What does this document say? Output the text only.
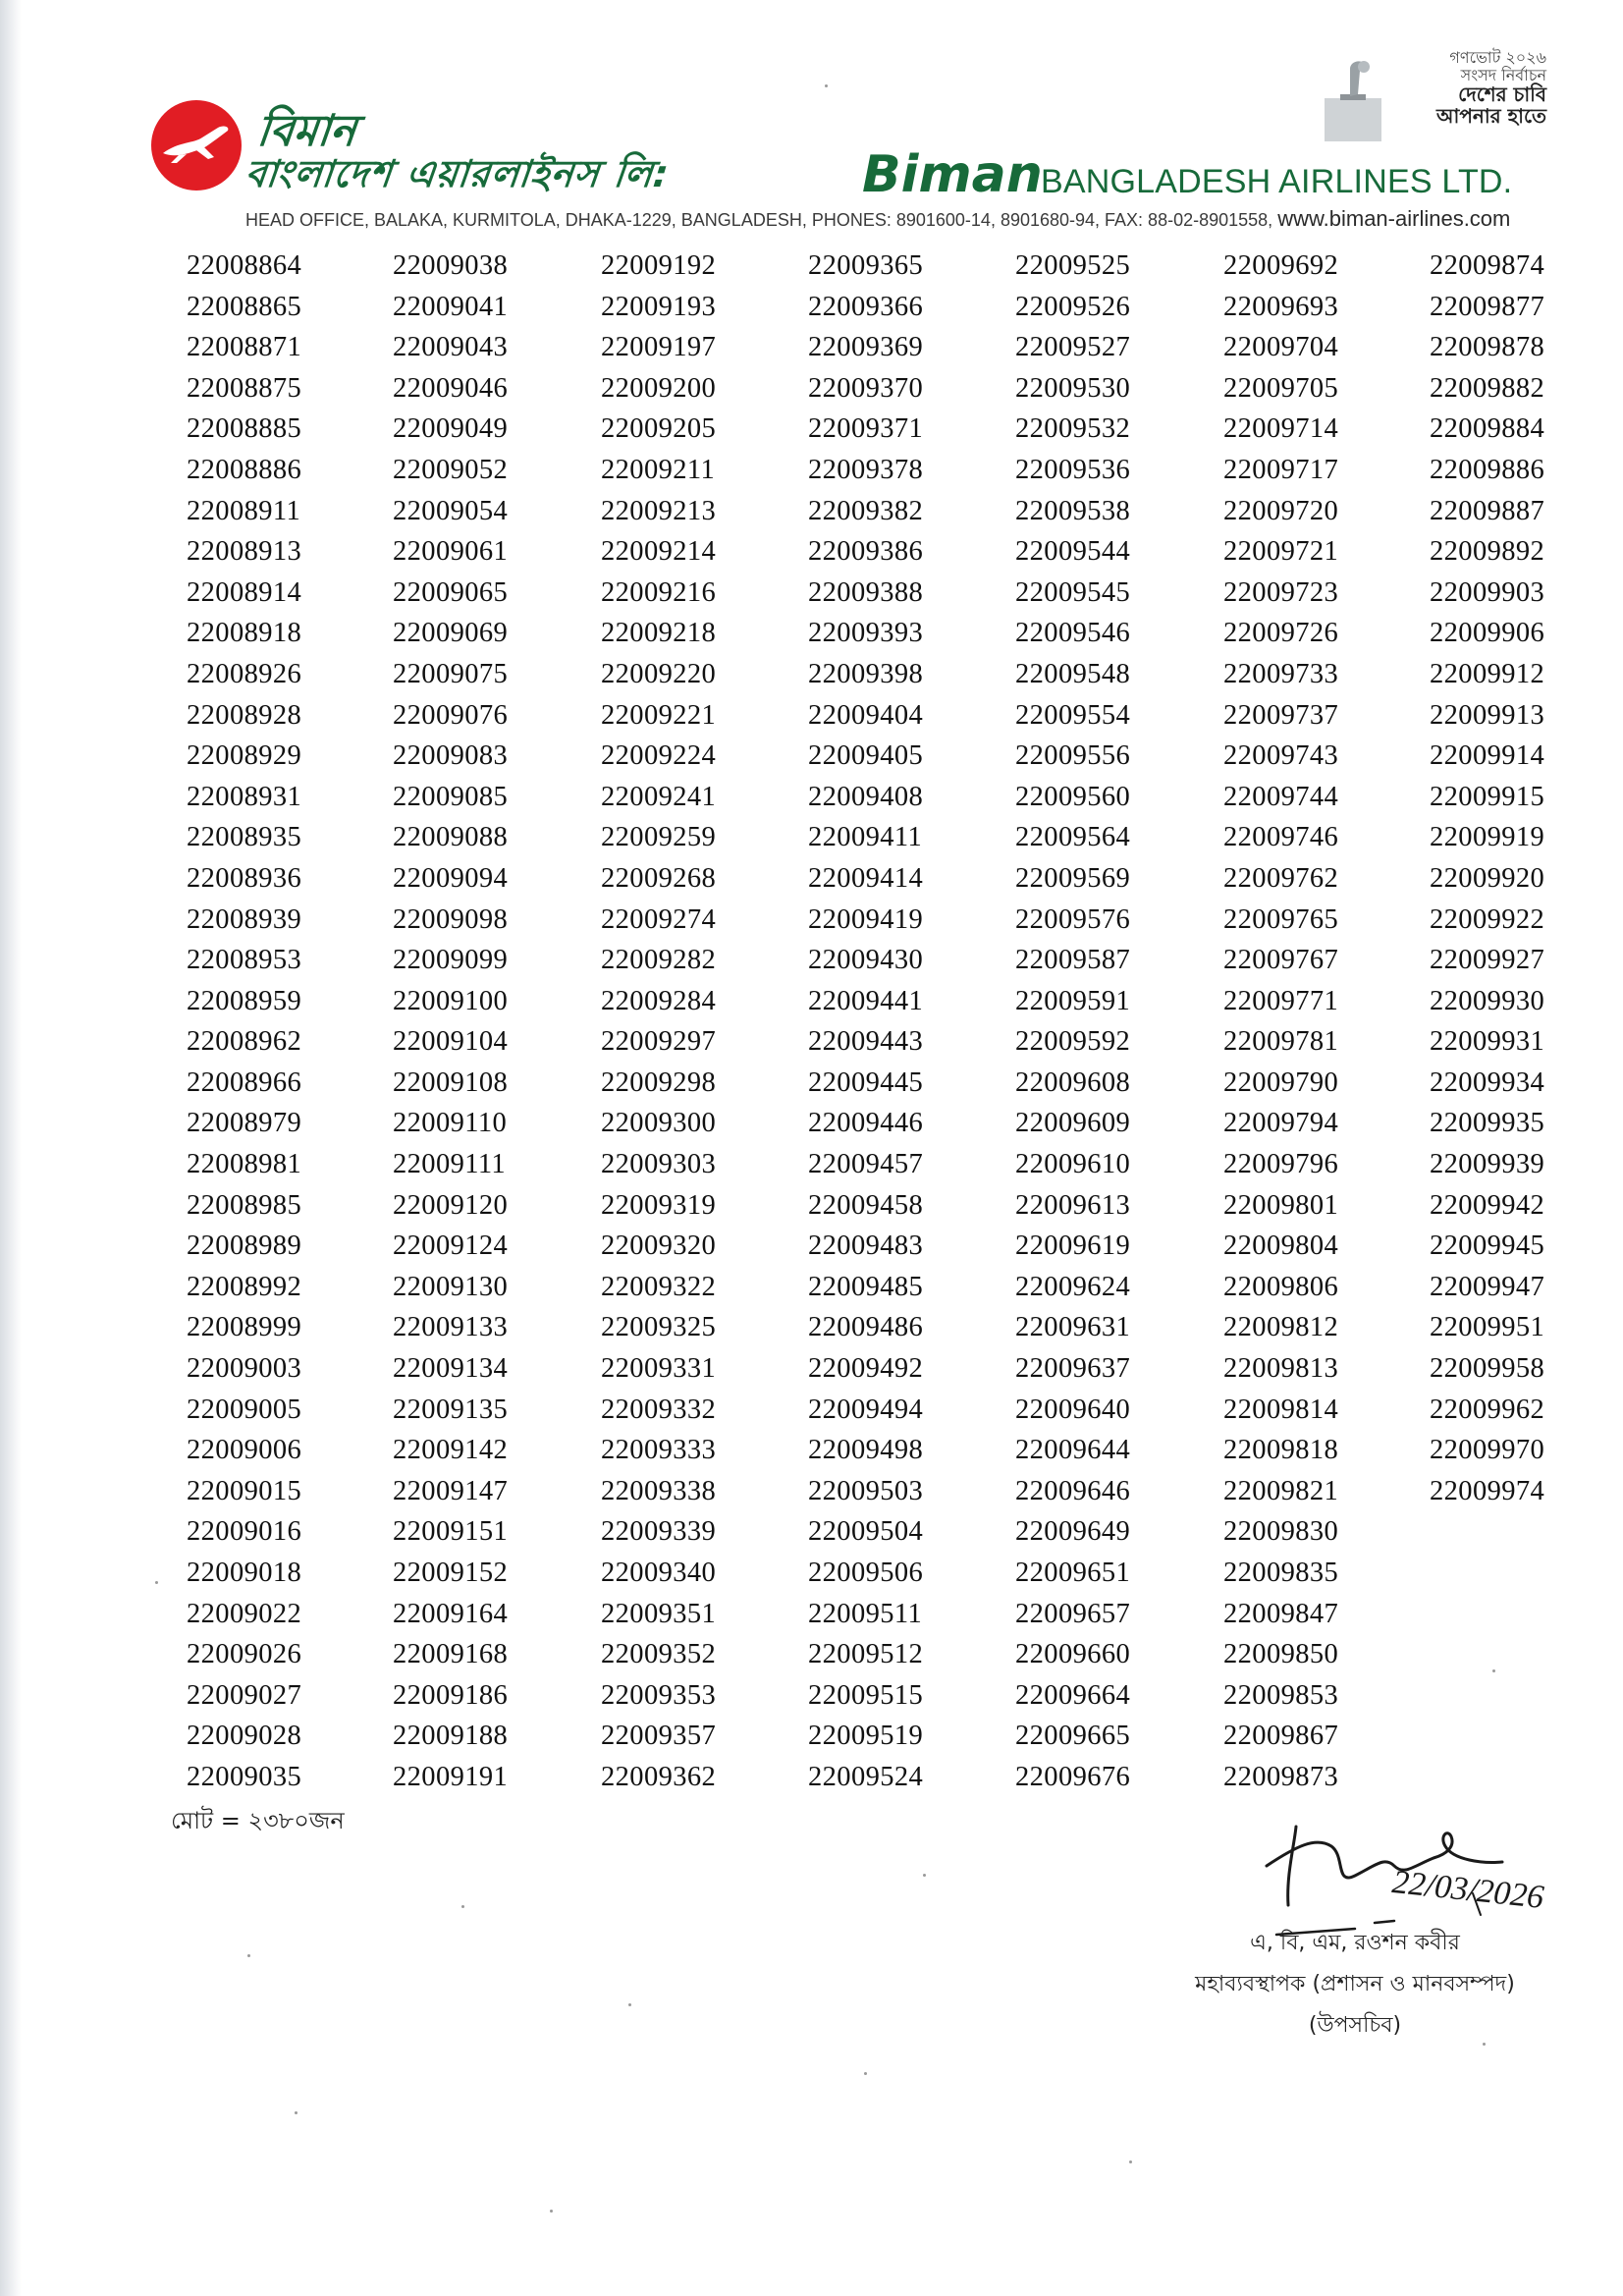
বিমান
বাংলাদেশ এয়ারলাইনস লি:	Biman
BANGLADESH AIRLINES LTD.
HEAD OFFICE, BALAKA, KURMITOLA, DHAKA-1229, BANGLADESH, PHONES: 8901600-14, 8901680-94, FAX: 88-02-8901558, www.biman-airlines.com
গণভোট ২০২৬
সংসদ নির্বাচন
দেশের চাবি
আপনার হাতে
22008864
22008865
22008871
22008875
22008885
22008886
22008911
22008913
22008914
22008918
22008926
22008928
22008929
22008931
22008935
22008936
22008939
22008953
22008959
22008962
22008966
22008979
22008981
22008985
22008989
22008992
22008999
22009003
22009005
22009006
22009015
22009016
22009018
22009022
22009026
22009027
22009028
22009035
22009038
22009041
22009043
22009046
22009049
22009052
22009054
22009061
22009065
22009069
22009075
22009076
22009083
22009085
22009088
22009094
22009098
22009099
22009100
22009104
22009108
22009110
22009111
22009120
22009124
22009130
22009133
22009134
22009135
22009142
22009147
22009151
22009152
22009164
22009168
22009186
22009188
22009191
22009192
22009193
22009197
22009200
22009205
22009211
22009213
22009214
22009216
22009218
22009220
22009221
22009224
22009241
22009259
22009268
22009274
22009282
22009284
22009297
22009298
22009300
22009303
22009319
22009320
22009322
22009325
22009331
22009332
22009333
22009338
22009339
22009340
22009351
22009352
22009353
22009357
22009362
22009365
22009366
22009369
22009370
22009371
22009378
22009382
22009386
22009388
22009393
22009398
22009404
22009405
22009408
22009411
22009414
22009419
22009430
22009441
22009443
22009445
22009446
22009457
22009458
22009483
22009485
22009486
22009492
22009494
22009498
22009503
22009504
22009506
22009511
22009512
22009515
22009519
22009524
22009525
22009526
22009527
22009530
22009532
22009536
22009538
22009544
22009545
22009546
22009548
22009554
22009556
22009560
22009564
22009569
22009576
22009587
22009591
22009592
22009608
22009609
22009610
22009613
22009619
22009624
22009631
22009637
22009640
22009644
22009646
22009649
22009651
22009657
22009660
22009664
22009665
22009676
22009692
22009693
22009704
22009705
22009714
22009717
22009720
22009721
22009723
22009726
22009733
22009737
22009743
22009744
22009746
22009762
22009765
22009767
22009771
22009781
22009790
22009794
22009796
22009801
22009804
22009806
22009812
22009813
22009814
22009818
22009821
22009830
22009835
22009847
22009850
22009853
22009867
22009873
22009874
22009877
22009878
22009882
22009884
22009886
22009887
22009892
22009903
22009906
22009912
22009913
22009914
22009915
22009919
22009920
22009922
22009927
22009930
22009931
22009934
22009935
22009939
22009942
22009945
22009947
22009951
22009958
22009962
22009970
22009974
মোট = ২৩৮০জন
22/03/2026
এ, বি, এম, রওশন কবীর
মহাব্যবস্থাপক (প্রশাসন ও মানবসম্পদ)
(উপসচিব)
